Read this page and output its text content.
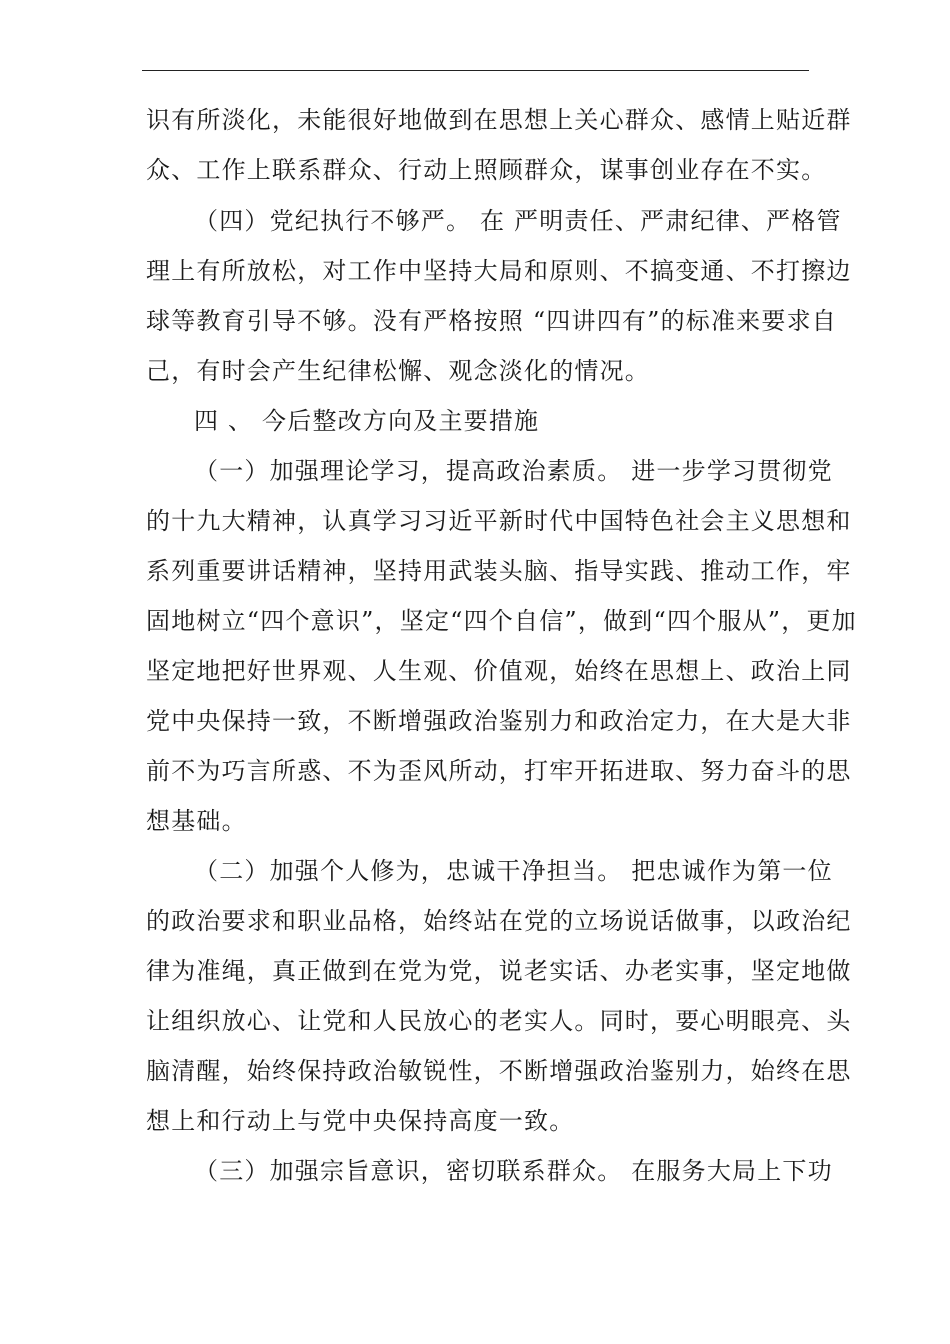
识有所淡化，未能很好地做到在思想上关心群众、感情上贴近群
众、工作上联系群众、行动上照顾群众，谋事创业存在不实。
（四）党纪执行不够严。 在 严明责任、严肃纪律、严格管
理上有所放松，对工作中坚持大局和原则、不搞变通、不打擦边
球等教育引导不够。没有严格按照 “四讲四有”的标准来要求自
己，有时会产生纪律松懈、观念淡化的情况。
四 、 今后整改方向及主要措施
（一）加强理论学习，提高政治素质。 进一步学习贯彻党
的十九大精神，认真学习习近平新时代中国特色社会主义思想和
系列重要讲话精神，坚持用武装头脑、指导实践、推动工作，牢
固地树立“四个意识”，坚定“四个自信”，做到“四个服从”，更加
坚定地把好世界观、人生观、价值观，始终在思想上、政治上同
党中央保持一致，不断增强政治鉴别力和政治定力，在大是大非
前不为巧言所惑、不为歪风所动，打牢开拓进取、努力奋斗的思
想基础。
（二）加强个人修为，忠诚干净担当。 把忠诚作为第一位
的政治要求和职业品格，始终站在党的立场说话做事，以政治纪
律为准绳，真正做到在党为党，说老实话、办老实事，坚定地做
让组织放心、让党和人民放心的老实人。同时，要心明眼亮、头
脑清醒，始终保持政治敏锐性，不断增强政治鉴别力，始终在思
想上和行动上与党中央保持高度一致。
（三）加强宗旨意识，密切联系群众。 在服务大局上下功
